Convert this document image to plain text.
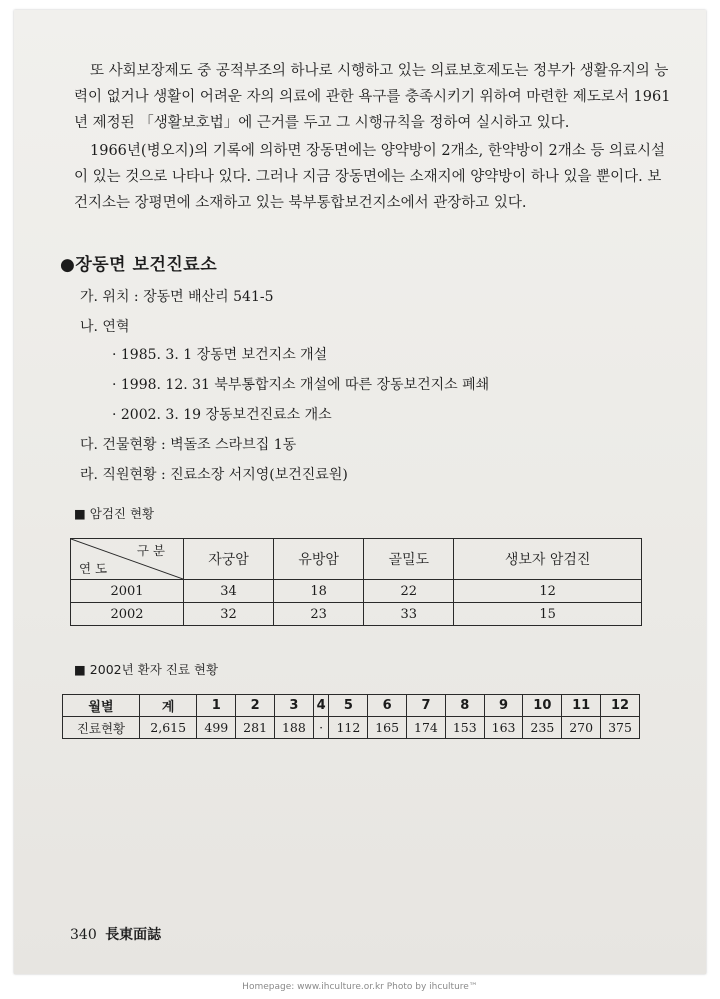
또 사회보장제도 중 공적부조의 하나로 시행하고 있는 의료보호제도는 정부가 생활유지의 능력이 없거나 생활이 어려운 자의 의료에 관한 욕구를 충족시키기 위하여 마련한 제도로서 1961년 제정된 「생활보호법」에 근거를 두고 그 시행규칙을 정하여 실시하고 있다.

1966년(병오지)의 기록에 의하면 장동면에는 양약방이 2개소, 한약방이 2개소 등 의료시설이 있는 것으로 나타나 있다. 그러나 지금 장동면에는 소재지에 양약방이 하나 있을 뿐이다. 보건지소는 장평면에 소재하고 있는 북부통합보건지소에서 관장하고 있다.

●장동면 보건진료소
가. 위치 : 장동면 배산리 541-5
나. 연혁
· 1985. 3. 1 장동면 보건지소 개설
· 1998. 12. 31 북부통합지소 개설에 따른 장동보건지소 폐쇄
· 2002. 3. 19 장동보건진료소 개소
다. 건물현황 : 벽돌조 스라브집 1동
라. 직원현황 : 진료소장 서지영(보건진료원)
■ 암검진 현황
구 분
연 도	자궁암	유방암	골밀도	생보자 암검진
2001	34	18	22	12
2002	32	23	33	15
■ 2002년 환자 진료 현황
월별	계	1	2	3	4	5	6	7	8	9	10	11	12
진료현황	2,615	499	281	188	·	112	165	174	153	163	235	270	375
340 長東面誌
Homepage: www.ihculture.or.kr Photo by ihculture™
